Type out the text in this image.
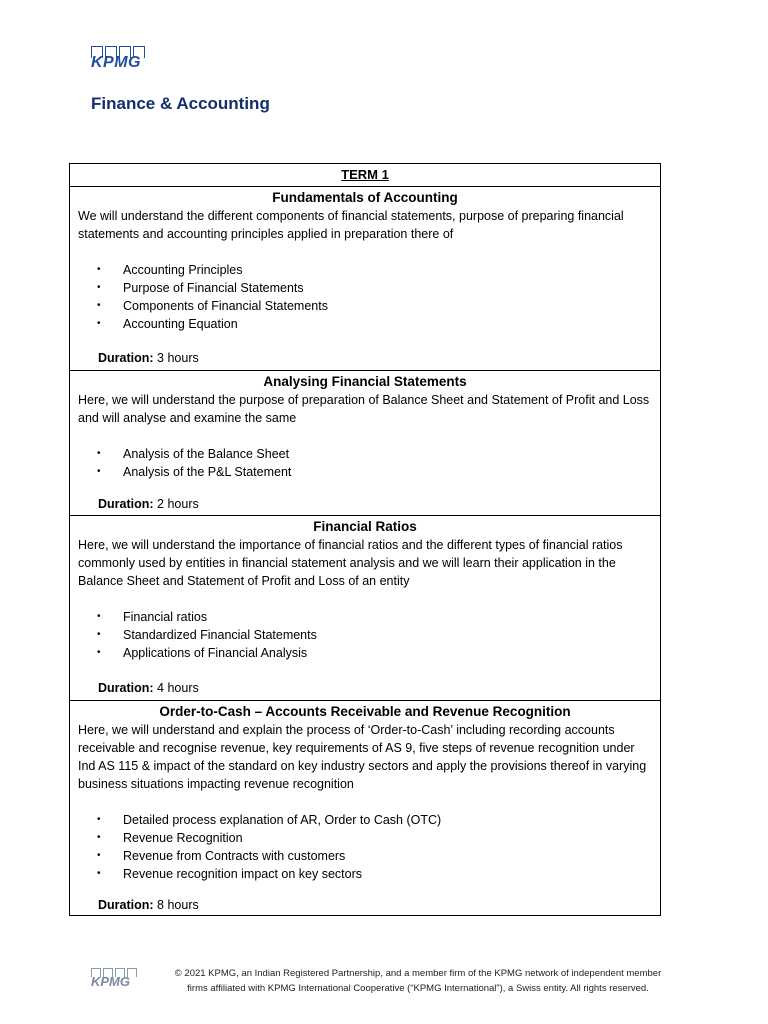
KPMG
Finance & Accounting
TERM 1
Fundamentals of Accounting
We will understand the different components of financial statements, purpose of preparing financial statements and accounting principles applied in preparation there of
• Accounting Principles
• Purpose of Financial Statements
• Components of Financial Statements
• Accounting Equation
Duration: 3 hours
Analysing Financial Statements
Here, we will understand the purpose of preparation of Balance Sheet and Statement of Profit and Loss and will analyse and examine the same
• Analysis of the Balance Sheet
• Analysis of the P&L Statement
Duration: 2 hours
Financial Ratios
Here, we will understand the importance of financial ratios and the different types of financial ratios commonly used by entities in financial statement analysis and we will learn their application in the Balance Sheet and Statement of Profit and Loss of an entity
• Financial ratios
• Standardized Financial Statements
• Applications of Financial Analysis
Duration: 4 hours
Order-to-Cash – Accounts Receivable and Revenue Recognition
Here, we will understand and explain the process of ‘Order-to-Cash’ including recording accounts receivable and recognise revenue, key requirements of AS 9, five steps of revenue recognition under Ind AS 115 & impact of the standard on key industry sectors and apply the provisions thereof in varying business situations impacting revenue recognition
• Detailed process explanation of AR, Order to Cash (OTC)
• Revenue Recognition
• Revenue from Contracts with customers
• Revenue recognition impact on key sectors
Duration: 8 hours
KPMG
© 2021 KPMG, an Indian Registered Partnership, and a member firm of the KPMG network of independent member firms affiliated with KPMG International Cooperative (“KPMG International”), a Swiss entity. All rights reserved.
